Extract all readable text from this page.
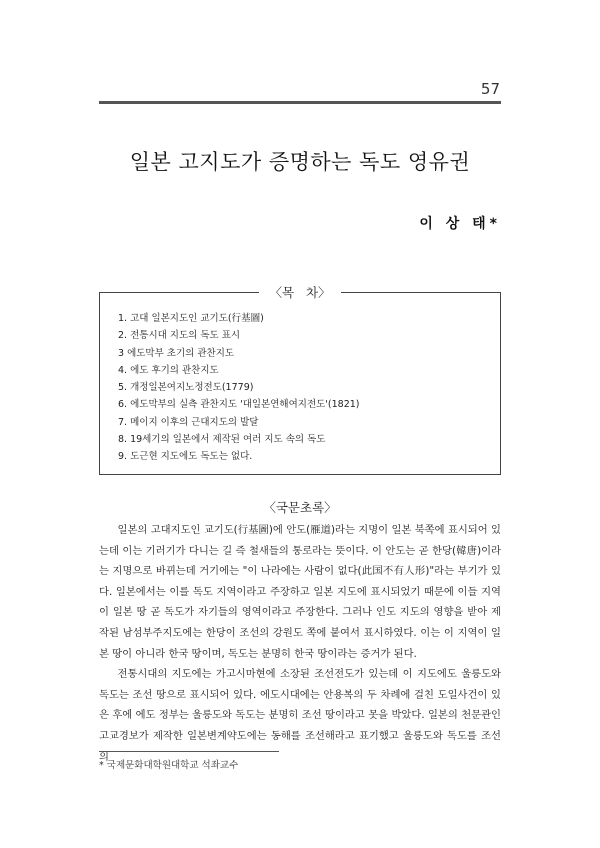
57
일본 고지도가 증명하는 독도 영유권
이 상 태*
〈목   차〉
1. 고대 일본지도인 교기도(行基圖)
2. 전통시대 지도의 독도 표시
3 에도막부 초기의 관찬지도
4. 에도 후기의 관찬지도
5. 개정일본여지노정전도(1779)
6. 에도막부의 실측 관찬지도 '대일본연해여지전도'(1821)
7. 메이지 이후의 근대지도의 발달
8. 19세기의 일본에서 제작된 여러 지도 속의 독도
9. 도근현 지도에도 독도는 없다.
〈국문초록〉

일본의 고대지도인 교기도(行基圖)에 안도(雁道)라는 지명이 일본 북쪽에 표시되어 있는데 이는 기러기가 다니는 길 즉 철새들의 통로라는 뜻이다. 이 안도는 곧 한당(韓唐)이라는 지명으로 바뀌는데 거기에는 "이 나라에는 사람이 없다(此国不有人形)"라는 부기가 있다. 일본에서는 이를 독도 지역이라고 주장하고 일본 지도에 표시되었기 때문에 이들 지역이 일본 땅 곧 독도가 자기들의 영역이라고 주장한다. 그러나 인도 지도의 영향을 받아 제작된 남섬부주지도에는 한당이 조선의 강원도 쪽에 붙여서 표시하였다. 이는 이 지역이 일본 땅이 아니라 한국 땅이며, 독도는 분명히 한국 땅이라는 증거가 된다.

전통시대의 지도에는 가고시마현에 소장된 조선전도가 있는데 이 지도에도 울릉도와 독도는 조선 땅으로 표시되어 있다. 에도시대에는 안용복의 두 차례에 걸친 도일사건이 있은 후에 에도 정부는 울릉도와 독도는 분명히 조선 땅이라고 못을 박았다. 일본의 천문관인 고교경보가 제작한 일본변계약도에는 동해를 조선해라고 표기했고 울릉도와 독도를 조선의

* 국제문화대학원대학교 석좌교수
